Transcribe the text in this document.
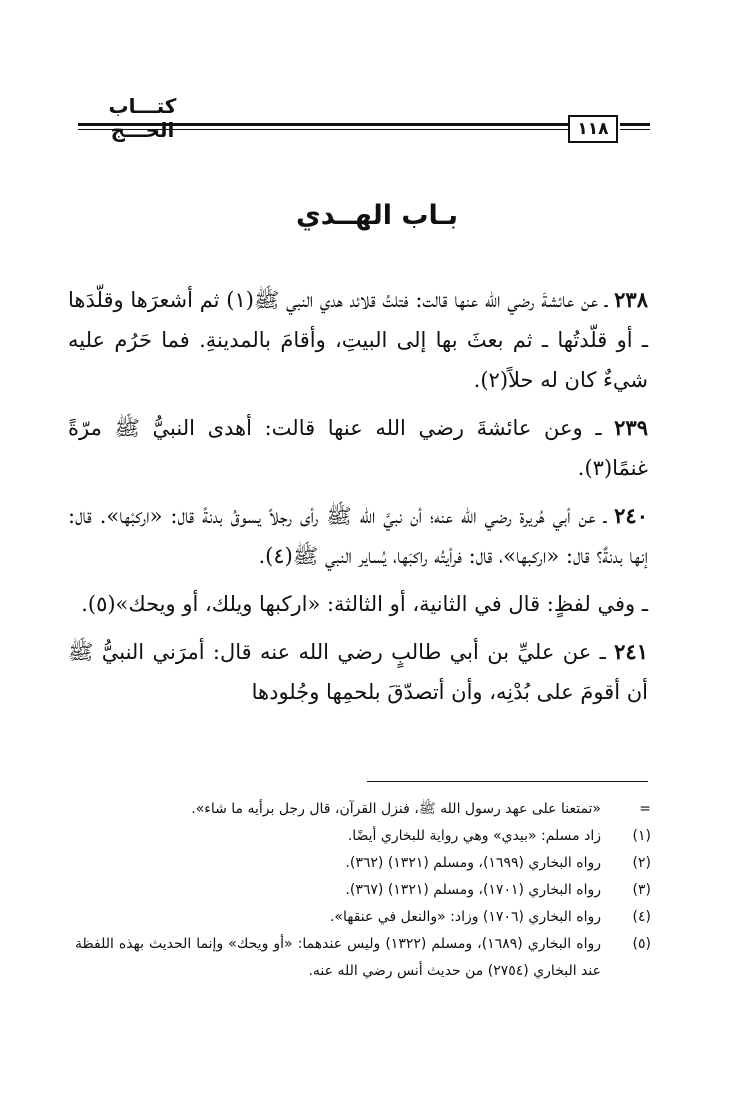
كتـــاب الحـــج	١١٨
بـاب الهــدي

٢٣٨ ـ عن عائشةَ رضي الله عنها قالت: فتلتُ قلائد هدي النبي ﷺ(١) ثم أشعرَها وقلّدَها ـ أو قلّدتُها ـ ثم بعثَ بها إلى البيتِ، وأقامَ بالمدينةِ. فما حَرُم عليه شيءٌ كان له حلاً(٢).

٢٣٩ ـ وعن عائشةَ رضي الله عنها قالت: أهدى النبيُّ ﷺ مرّةً غنمًا(٣).

٢٤٠ ـ عن أبي هُريرة رضي الله عنه؛ أن نبيَّ الله ﷺ رأى رجلاً يسوقُ بدنةً قال: «اركبْها». قال: إنها بدنةٌ؟ قال: «اركبها»، قال: فرأيتُه راكبَها، يُساير النبي ﷺ(٤).

ـ وفي لفظٍ: قال في الثانية، أو الثالثة: «اركبها ويلك، أو ويحك»(٥).

٢٤١ ـ عن عليِّ بن أبي طالبٍ رضي الله عنه قال: أمرَني النبيُّ ﷺ أن أقومَ على بُدْنِه، وأن أتصدّقَ بلحمِها وجُلودها

=
«تمتعنا على عهد رسول الله ﷺ، فنزل القرآن، قال رجل برأيه ما شاء».
(١)
زاد مسلم: «بيدي» وهي رواية للبخاري أيضًا.
(٢)
رواه البخاري (١٦٩٩)، ومسلم (١٣٢١) (٣٦٢).
(٣)
رواه البخاري (١٧٠١)، ومسلم (١٣٢١) (٣٦٧).
(٤)
رواه البخاري (١٧٠٦) وزاد: «والنعل في عنقها».
(٥)
رواه البخاري (١٦٨٩)، ومسلم (١٣٢٢) وليس عندهما: «أو ويحك» وإنما الحديث بهذه اللفظة عند البخاري (٢٧٥٤) من حديث أنس رضي الله عنه.
